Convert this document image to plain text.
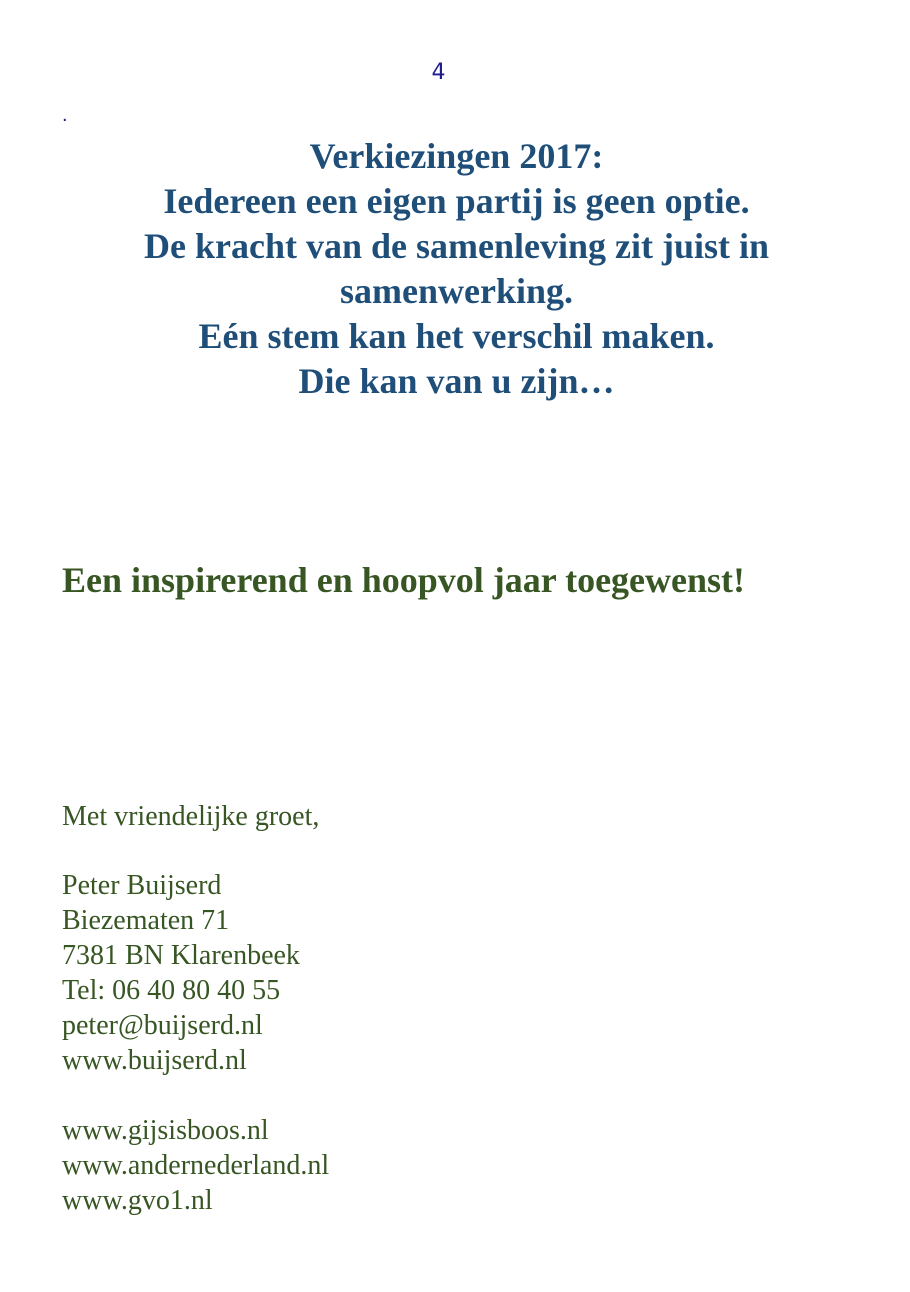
4
.
Verkiezingen 2017:
Iedereen een eigen partij is geen optie.
De kracht van de samenleving zit juist in
samenwerking.
Eén stem kan het verschil maken.
Die kan van u zijn…
Een inspirerend en hoopvol jaar toegewenst!
Met vriendelijke groet,
Peter Buijserd
Biezematen 71
7381 BN Klarenbeek
Tel: 06 40 80 40 55
peter@buijserd.nl
www.buijserd.nl
www.gijsisboos.nl
www.andernederland.nl
www.gvo1.nl
